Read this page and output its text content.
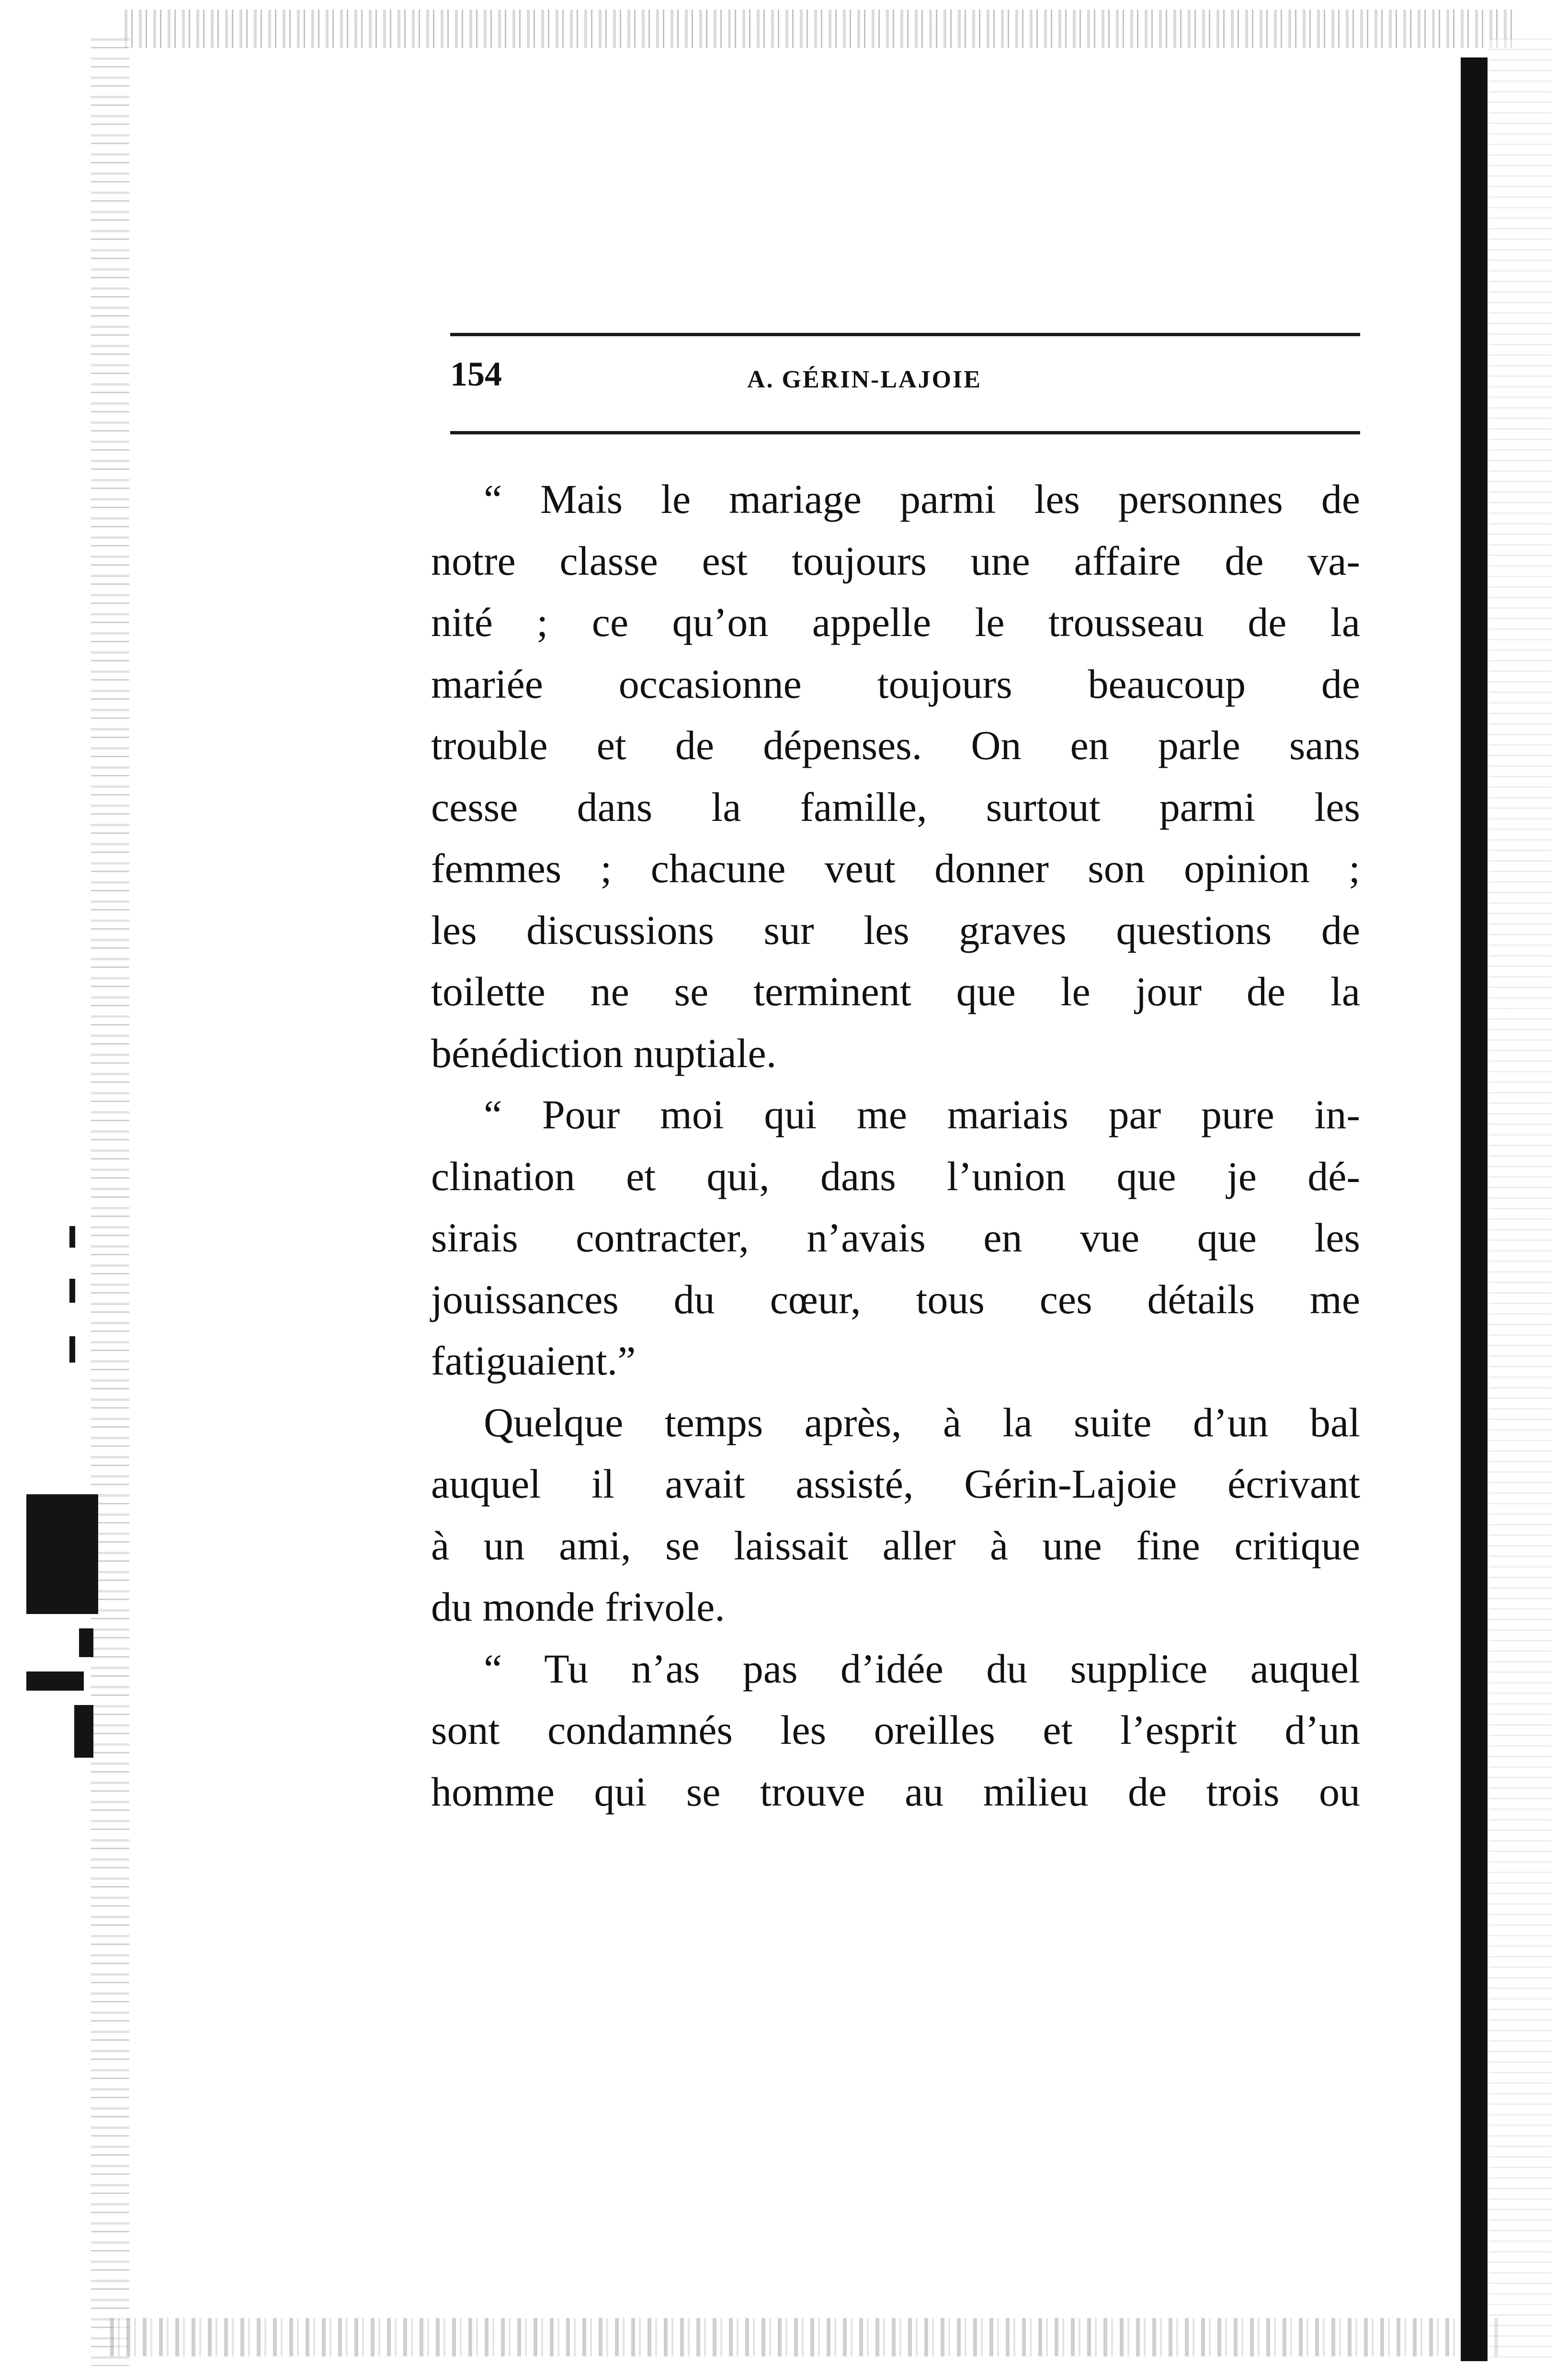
154	A. GÉRIN-LAJOIE
“ Mais le mariage parmi les personnes de
notre classe est toujours une affaire de va-
nité ; ce qu’on appelle le trousseau de la
mariée occasionne toujours beaucoup de
trouble et de dépenses. On en parle sans
cesse dans la famille, surtout parmi les
femmes ; chacune veut donner son opinion ;
les discussions sur les graves questions de
toilette ne se terminent que le jour de la
bénédiction nuptiale.
“ Pour moi qui me mariais par pure in-
clination et qui, dans l’union que je dé-
sirais contracter, n’avais en vue que les
jouissances du cœur, tous ces détails me
fatiguaient.”
Quelque temps après, à la suite d’un bal
auquel il avait assisté, Gérin-Lajoie écrivant
à un ami, se laissait aller à une fine critique
du monde frivole.
“ Tu n’as pas d’idée du supplice auquel
sont condamnés les oreilles et l’esprit d’un
homme qui se trouve au milieu de trois ou
